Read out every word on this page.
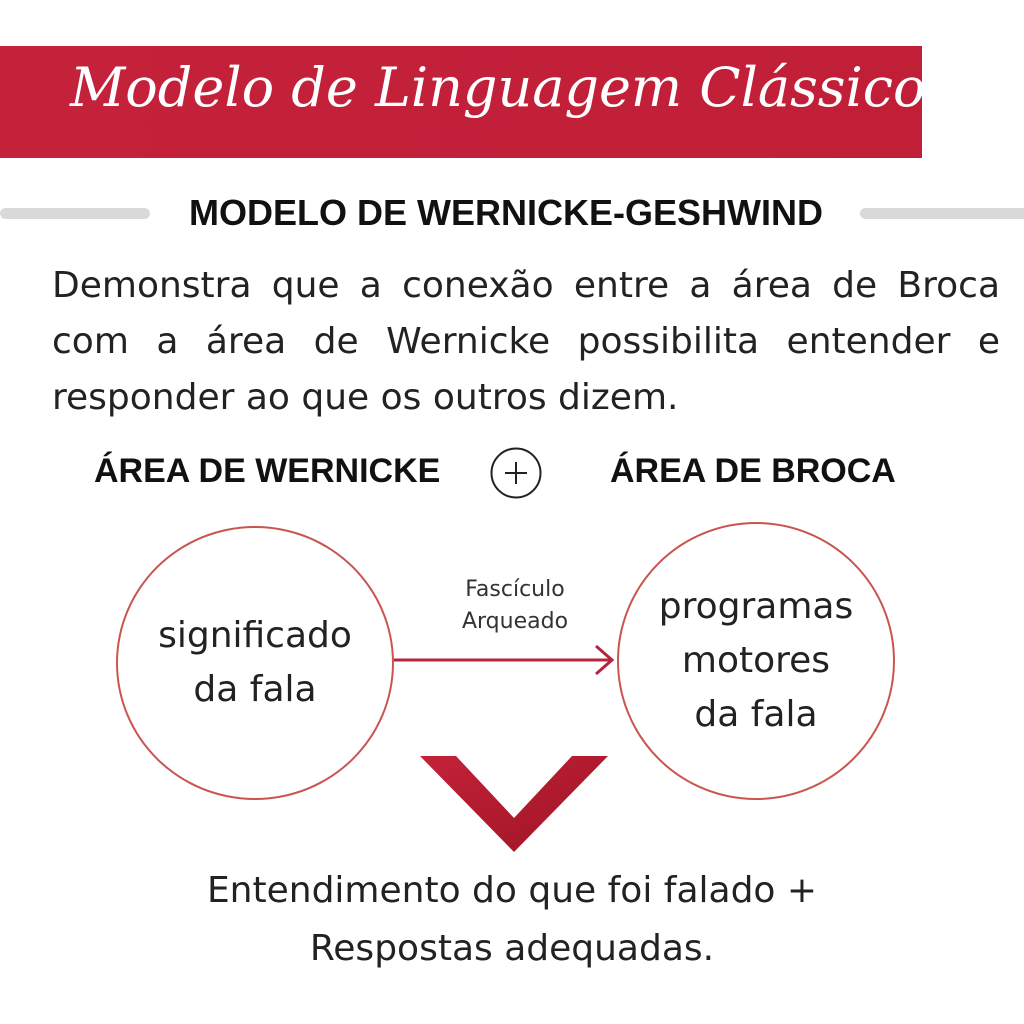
Modelo de Linguagem Clássico
MODELO DE WERNICKE-GESHWIND
Demonstra que a conexão entre a área de Broca com a área de Wernicke possibilita entender e responder ao que os outros dizem.
ÁREA DE WERNICKE	ÁREA DE BROCA
significado
da fala
Fascículo
Arqueado	programas
motores
da fala
Entendimento do que foi falado +
Respostas adequadas.
